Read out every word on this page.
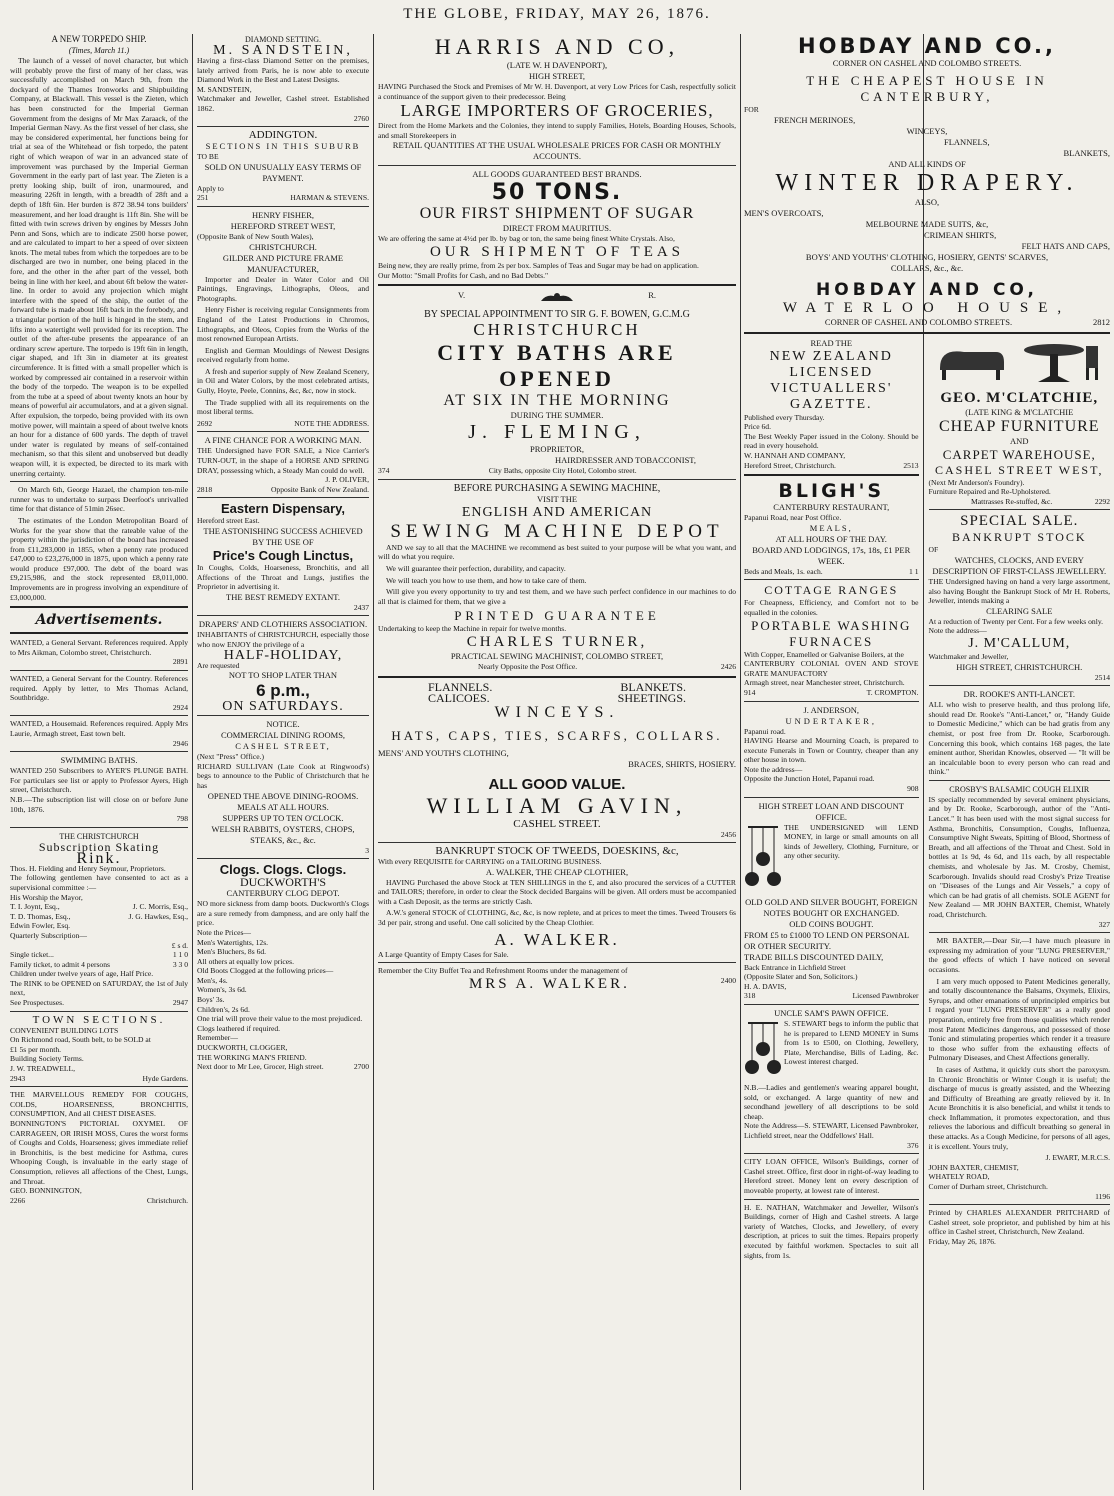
THE GLOBE, FRIDAY, MAY 26, 1876.
A NEW TORPEDO SHIP.
(Times, March 11.)

The launch of a vessel of novel character, but which will probably prove the first of many of her class, was successfully accomplished on March 9th, from the dockyard of the Thames Ironworks and Shipbuilding Company, at Blackwall. This vessel is the Zieten, which has been constructed for the Imperial German Government from the designs of Mr Max Zaraack, of the Imperial German Navy. As the first vessel of her class, she may be considered experimental, her functions being for trial at sea of the Whitehead or fish torpedo, the patent right of which weapon of war in an advanced state of improvement was purchased by the Imperial German Government in the early part of last year. The Zieten is a pretty looking ship, built of iron, unarmoured, and measuring 226ft in length, with a breadth of 28ft and a depth of 18ft 6in. Her burden is 872 38.94 tons builders' measurement, and her load draught is 11ft 8in. She will be fitted with twin screws driven by engines by Messrs John Penn and Sons, which are to indicate 2500 horse power, and are calculated to impart to her a speed of over sixteen knots. The metal tubes from which the torpedoes are to be discharged are two in number, one being placed in the fore, and the other in the after part of the vessel, both being in line with her keel, and about 6ft below the water-line. In order to avoid any projection which might interfere with the speed of the ship, the outlet of the forward tube is made about 16ft back in the forebody, and a triangular portion of the hull is hinged in the stem, and lifts into a watertight well provided for its reception. The outlet of the after-tube presents the appearance of an ordinary screw aperture. The torpedo is 19ft 6in in length, cigar shaped, and 1ft 3in in diameter at its greatest circumference. It is fitted with a small propeller which is worked by compressed air contained in a reservoir within the body of the torpedo. The weapon is to be expelled from the tube at a speed of about twenty knots an hour by means of powerful air accumulators, and at a given signal. After expulsion, the torpedo, being provided with its own motive power, will maintain a speed of about twelve knots an hour for a distance of 600 yards. The depth of travel under water is regulated by means of self-contained mechanism, so that this silent and unobserved but deadly weapon will, it is expected, be directed to its mark with unerring certainty.

On March 6th, George Hazael, the champion ten-mile runner was to undertake to surpass Deerfoot's unrivalled time for that distance of 51min 26sec.

The estimates of the London Metropolitan Board of Works for the year show that the rateable value of the property within the jurisdiction of the board has increased from £11,283,000 in 1855, when a penny rate produced £47,000 to £23,276,000 in 1875, upon which a penny rate would produce £97,000. The debt of the board was £9,215,986, and the stock represented £8,011,000. Improvements are in progress involving an expenditure of £3,000,000.

Advertisements.
WANTED, a General Servant. References required. Apply to Mrs Aikman, Colombo street, Christchurch.
2891
WANTED, a General Servant for the Country. References required. Apply by letter, to Mrs Thomas Acland, Southbridge.
2924
WANTED, a Housemaid. References required. Apply Mrs Laurie, Armagh street, East town belt.
2946
SWIMMING BATHS.
WANTED 250 Subscribers to AYER'S PLUNGE BATH. For particulars see list or apply to Professor Ayers, High street, Christchurch.
N.B.—The subscription list will close on or before June 10th, 1876.
798
THE CHRISTCHURCH
Subscription Skating
Rink.
Thos. H. Fielding and Henry Seymour, Proprietors.
The following gentlemen have consented to act as a supervisional committee :—
His Worship the Mayor,
T. I. Joynt, Esq.,	J. C. Morris, Esq.,
T. D. Thomas, Esq.,	J. G. Hawkes, Esq.,
Edwin Fowler, Esq.
Quarterly Subscription—
£ s d.
Single ticket...	1 1 0
Family ticket, to admit 4 persons	3 3 0
Children under twelve years of age, Half Price.
The RINK to be OPENED on SATURDAY, the 1st of July next,
See Prospectuses.	2947
TOWN SECTIONS.
CONVENIENT BUILDING LOTS
On Richmond road, South belt, to be SOLD at
£1 5s per month.
Building Society Terms.
J. W. TREADWELL,
2943	Hyde Gardens.
THE MARVELLOUS REMEDY FOR COUGHS, COLDS, HOARSENESS, BRONCHITIS, CONSUMPTION, And all CHEST DISEASES.
BONNINGTON'S PICTORIAL OXYMEL OF CARRAGEEN, OR IRISH MOSS, Cures the worst forms of Coughs and Colds, Hoarseness; gives immediate relief in Bronchitis, is the best medicine for Asthma, cures Whooping Cough, is invaluable in the early stage of Consumption, relieves all affections of the Chest, Lungs, and Throat.
GEO. BONNINGTON,
2266	Christchurch.
DIAMOND SETTING.
M. SANDSTEIN,
Having a first-class Diamond Setter on the premises, lately arrived from Paris, he is now able to execute Diamond Work in the Best and Latest Designs.
M. SANDSTEIN,
Watchmaker and Jeweller, Cashel street. Established 1862.
2760
ADDINGTON.
SECTIONS IN THIS SUBURB
TO BE
SOLD ON UNUSUALLY EASY TERMS OF PAYMENT.
Apply to
251	HARMAN & STEVENS.
HENRY FISHER,
HEREFORD STREET WEST,
(Opposite Bank of New South Wales),
CHRISTCHURCH.
GILDER AND PICTURE FRAME MANUFACTURER,

Importer and Dealer in Water Color and Oil Paintings, Engravings, Lithographs, Oleos, and Photographs.

Henry Fisher is receiving regular Consignments from England of the Latest Productions in Chromos, Lithographs, and Oleos, Copies from the Works of the most renowned European Artists.

English and German Mouldings of Newest Designs received regularly from home.

A fresh and superior supply of New Zealand Scenery, in Oil and Water Colors, by the most celebrated artists, Gully, Hoyte, Peele, Connins, &c, &c, now in stock.

The Trade supplied with all its requirements on the most liberal terms.

2692	NOTE THE ADDRESS.
A FINE CHANCE FOR A WORKING MAN.
THE Undersigned have FOR SALE, a Nice Carrier's TURN-OUT, in the shape of a HORSE AND SPRING DRAY, possessing which, a Steady Man could do well.
J. P. OLIVER,
2818	Opposite Bank of New Zealand.
Eastern Dispensary,
Hereford street East.
THE ASTONISHING SUCCESS ACHIEVED BY THE USE OF
Price's Cough Linctus,
In Coughs, Colds, Hoarseness, Bronchitis, and all Affections of the Throat and Lungs, justifies the Proprietor in advertising it.
THE BEST REMEDY EXTANT.
2437
DRAPERS' AND CLOTHIERS ASSOCIATION.
INHABITANTS of CHRISTCHURCH, especially those who now ENJOY the privilege of a
HALF-HOLIDAY,
Are requested
NOT TO SHOP LATER THAN
6 p.m.,
ON SATURDAYS.
NOTICE.
COMMERCIAL DINING ROOMS,
CASHEL STREET,
(Next "Press" Office.)
RICHARD SULLIVAN (Late Cook at Ringwood's) begs to announce to the Public of Christchurch that he has
OPENED THE ABOVE DINING-ROOMS.
MEALS AT ALL HOURS.
SUPPERS UP TO TEN O'CLOCK.
WELSH RABBITS, OYSTERS, CHOPS, STEAKS, &c., &c.
3
Clogs. Clogs. Clogs.
DUCKWORTH'S
CANTERBURY CLOG DEPOT.
NO more sickness from damp boots. Duckworth's Clogs are a sure remedy from dampness, and are only half the price.
Note the Prices—
Men's Watertights, 12s.
Men's Bluchers, 8s 6d.
All others at equally low prices.
Old Boots Clogged at the following prices—
Men's, 4s.
Women's, 3s 6d.
Boys' 3s.
Children's, 2s 6d.
One trial will prove their value to the most prejudiced.
Clogs leathered if required.
Remember—
DUCKWORTH, CLOGGER,
THE WORKING MAN'S FRIEND.
Next door to Mr Lee, Grocer, High street.	2700
HARRIS AND CO,
(LATE W. H DAVENPORT),
HIGH STREET,
HAVING Purchased the Stock and Premises of Mr W. H. Davenport, at very Low Prices for Cash, respectfully solicit a continuance of the support given to their predecessor. Being
LARGE IMPORTERS OF GROCERIES,
Direct from the Home Markets and the Colonies, they intend to supply Families, Hotels, Boarding Houses, Schools, and small Storekeepers in
RETAIL QUANTITIES AT THE USUAL WHOLESALE PRICES FOR CASH OR MONTHLY ACCOUNTS.
ALL GOODS GUARANTEED BEST BRANDS.
50 TONS.
OUR FIRST SHIPMENT OF SUGAR
DIRECT FROM MAURITIUS.
We are offering the same at 4½d per lb. by bag or ton, the same being finest White Crystals. Also,
OUR SHIPMENT OF TEAS
Being new, they are really prime, from 2s per box. Samples of Teas and Sugar may be had on application.
Our Motto: "Small Profits for Cash, and no Bad Debts."
V.	R.
BY SPECIAL APPOINTMENT TO SIR G. F. BOWEN, G.C.M.G
CHRISTCHURCH
CITY BATHS ARE OPENED
AT SIX IN THE MORNING
DURING THE SUMMER.
J. FLEMING,
PROPRIETOR,
HAIRDRESSER AND TOBACCONIST,
374	City Baths, opposite City Hotel, Colombo street.
BEFORE PURCHASING A SEWING MACHINE,
VISIT THE
ENGLISH AND AMERICAN
SEWING MACHINE DEPOT

AND we say to all that the MACHINE we recommend as best suited to your purpose will be what you want, and will do what you require.

We will guarantee their perfection, durability, and capacity.

We will teach you how to use them, and how to take care of them.

Will give you every opportunity to try and test them, and we have such perfect confidence in our machines to do all that is claimed for them, that we give a

PRINTED GUARANTEE
Undertaking to keep the Machine in repair for twelve months.
CHARLES TURNER,
PRACTICAL SEWING MACHINIST, COLOMBO STREET,
Nearly Opposite the Post Office.	2426
FLANNELS.	BLANKETS.
CALICOES.	SHEETINGS.
WINCEYS.
HATS, CAPS, TIES, SCARFS, COLLARS.
MENS' AND YOUTH'S CLOTHING,
BRACES, SHIRTS, HOSIERY.
ALL GOOD VALUE.
WILLIAM GAVIN,
CASHEL STREET.
2456
BANKRUPT STOCK OF TWEEDS, DOESKINS, &c,
With every REQUISITE for CARRYING on a TAILORING BUSINESS.
A. WALKER, THE CHEAP CLOTHIER,

HAVING Purchased the above Stock at TEN SHILLINGS in the £, and also procured the services of a CUTTER and TAILORS; therefore, in order to clear the Stock decided Bargains will be given. All orders must be accompanied with a Cash Deposit, as the terms are strictly Cash.

A.W.'s general STOCK of CLOTHING, &c, &c, is now replete, and at prices to meet the times. Tweed Trousers 6s 3d per pair, strong and useful. One call solicited by the Cheap Clothier.

A. WALKER.
A Large Quantity of Empty Cases for Sale.
Remember the City Buffet Tea and Refreshment Rooms under the management of
MRS A. WALKER.	2400
HOBDAY AND CO.,
CORNER ON CASHEL AND COLOMBO STREETS.
THE CHEAPEST HOUSE IN CANTERBURY,
FOR
FRENCH MERINOES,
WINCEYS,
FLANNELS,
BLANKETS,
AND ALL KINDS OF
WINTER DRAPERY.
ALSO,
MEN'S OVERCOATS,
MELBOURNE MADE SUITS, &c,
CRIMEAN SHIRTS,
FELT HATS AND CAPS,
BOYS' AND YOUTHS' CLOTHING, HOSIERY, GENTS' SCARVES,
COLLARS, &c., &c.
HOBDAY AND CO,
WATERLOO HOUSE,
CORNER OF CASHEL AND COLOMBO STREETS.	2812
READ THE
NEW ZEALAND LICENSED
VICTUALLERS' GAZETTE.
Published every Thursday.
Price 6d.
The Best Weekly Paper issued in the Colony. Should be read in every household.
W. HANNAH AND COMPANY,
Hereford Street, Christchurch.	2513
BLIGH'S
CANTERBURY RESTAURANT,
Papanui Road, near Post Office.
MEALS,
AT ALL HOURS OF THE DAY.
BOARD AND LODGINGS, 17s, 18s, £1 PER WEEK.
Beds and Meals, 1s. each.	1 1
COTTAGE RANGES
For Cheapness, Efficiency, and Comfort not to be equalled in the colonies.
PORTABLE WASHING FURNACES
With Copper, Enamelled or Galvanise Boilers, at the
CANTERBURY COLONIAL OVEN AND STOVE GRATE MANUFACTORY
Armagh street, near Manchester street, Christchurch.
914	T. CROMPTON.
J. ANDERSON,
UNDERTAKER,
Papanui road.
HAVING Hearse and Mourning Coach, is prepared to execute Funerals in Town or Country, cheaper than any other house in town.
Note the address—
Opposite the Junction Hotel, Papanui road.
908
HIGH STREET LOAN AND DISCOUNT OFFICE.
THE UNDERSIGNED will LEND MONEY, in large or small amounts on all kinds of Jewellery, Clothing, Furniture, or any other security.
OLD GOLD AND SILVER BOUGHT, FOREIGN NOTES BOUGHT OR EXCHANGED.
OLD COINS BOUGHT.
FROM £5 to £1000 TO LEND ON PERSONAL OR OTHER SECURITY.
TRADE BILLS DISCOUNTED DAILY,
Back Entrance in Lichfield Street
(Opposite Slater and Son, Solicitors.)
H. A. DAVIS,
318	Licensed Pawnbroker
UNCLE SAM'S PAWN OFFICE.
S. STEWART begs to inform the public that he is prepared to LEND MONEY in Sums from 1s to £500, on Clothing, Jewellery, Plate, Merchandise, Bills of Lading, &c. Lowest interest charged.
N.B.—Ladies and gentlemen's wearing apparel bought, sold, or exchanged. A large quantity of new and secondhand jewellery of all descriptions to be sold cheap.
Note the Address—S. STEWART, Licensed Pawnbroker, Lichfield street, near the Oddfellows' Hall.
376
CITY LOAN OFFICE, Wilson's Buildings, corner of Cashel street. Office, first door in right-of-way leading to Hereford street. Money lent on every description of moveable property, at lowest rate of interest.
H. E. NATHAN, Watchmaker and Jeweller, Wilson's Buildings, corner of High and Cashel streets. A large variety of Watches, Clocks, and Jewellery, of every description, at prices to suit the times. Repairs properly executed by faithful workmen. Spectacles to suit all sights, from 1s.
GEO. M'CLATCHIE,
(LATE KING & M'CLATCHIE
CHEAP FURNITURE
AND
CARPET WAREHOUSE,
CASHEL STREET WEST,
(Next Mr Anderson's Foundry).
Furniture Repaired and Re-Upholstered.
Mattrasses Re-stuffed, &c.	2292
SPECIAL SALE.
BANKRUPT STOCK
OF
WATCHES, CLOCKS, AND EVERY DESCRIPTION OF FIRST-CLASS JEWELLERY.
THE Undersigned having on hand a very large assortment, also having Bought the Bankrupt Stock of Mr H. Roberts, Jeweller, intends making a
CLEARING SALE
At a reduction of Twenty per Cent. For a few weeks only.
Note the address—
J. M'CALLUM,
Watchmaker and Jeweller,
HIGH STREET, CHRISTCHURCH.
2514
DR. ROOKE'S ANTI-LANCET.
ALL who wish to preserve health, and thus prolong life, should read Dr. Rooke's "Anti-Lancet," or, "Handy Guide to Domestic Medicine," which can be had gratis from any chemist, or post free from Dr. Rooke, Scarborough. Concerning this book, which contains 168 pages, the late eminent author, Sheridan Knowles, observed — "It will be an incalculable boon to every person who can read and think."
CROSBY'S BALSAMIC COUGH ELIXIR
IS specially recommended by several eminent physicians, and by Dr. Rooke, Scarborough, author of the "Anti-Lancet." It has been used with the most signal success for Asthma, Bronchitis, Consumption, Coughs, Influenza, Consumptive Night Sweats, Spitting of Blood, Shortness of Breath, and all affections of the Throat and Chest. Sold in bottles at 1s 9d, 4s 6d, and 11s each, by all respectable chemists, and wholesale by Jas. M. Crosby, Chemist, Scarborough. Invalids should read Crosby's Prize Treatise on "Diseases of the Lungs and Air Vessels," a copy of which can be had gratis of all chemists. SOLE AGENT for New Zealand — MR JOHN BAXTER, Chemist, Whately road, Christchurch.
327

MR BAXTER,—Dear Sir,—I have much pleasure in expressing my admiration of your "LUNG PRESERVER," the good effects of which I have noticed on several occasions.

I am very much opposed to Patent Medicines generally, and totally discountenance the Balsams, Oxymels, Elixirs, Syrups, and other emanations of unprincipled empirics but I regard your "LUNG PRESERVER" as a really good preparation, entirely free from those qualities which render most Patent Medicines dangerous, and possessed of those Tonic and stimulating properties which render it a treasure to those who suffer from the exhausting effects of Pulmonary Diseases, and Chest Affections generally.

In cases of Asthma, it quickly cuts short the paroxysm. In Chronic Bronchitis or Winter Cough it is useful; the discharge of mucus is greatly assisted, and the Wheezing and Difficulty of Breathing are greatly relieved by it. In Acute Bronchitis it is also beneficial, and whilst it tends to check Inflammation, it promotes expectoration, and thus relieves the laborious and difficult breathing so general in these attacks. As a Cough Medicine, for persons of all ages, it is excellent. Yours truly,

J. EWART, M.R.C.S.
JOHN BAXTER, CHEMIST,
WHATELY ROAD,
Corner of Durham street, Christchurch.
1196
Printed by CHARLES ALEXANDER PRITCHARD of Cashel street, sole proprietor, and published by him at his office in Cashel street, Christchurch, New Zealand.
Friday, May 26, 1876.
